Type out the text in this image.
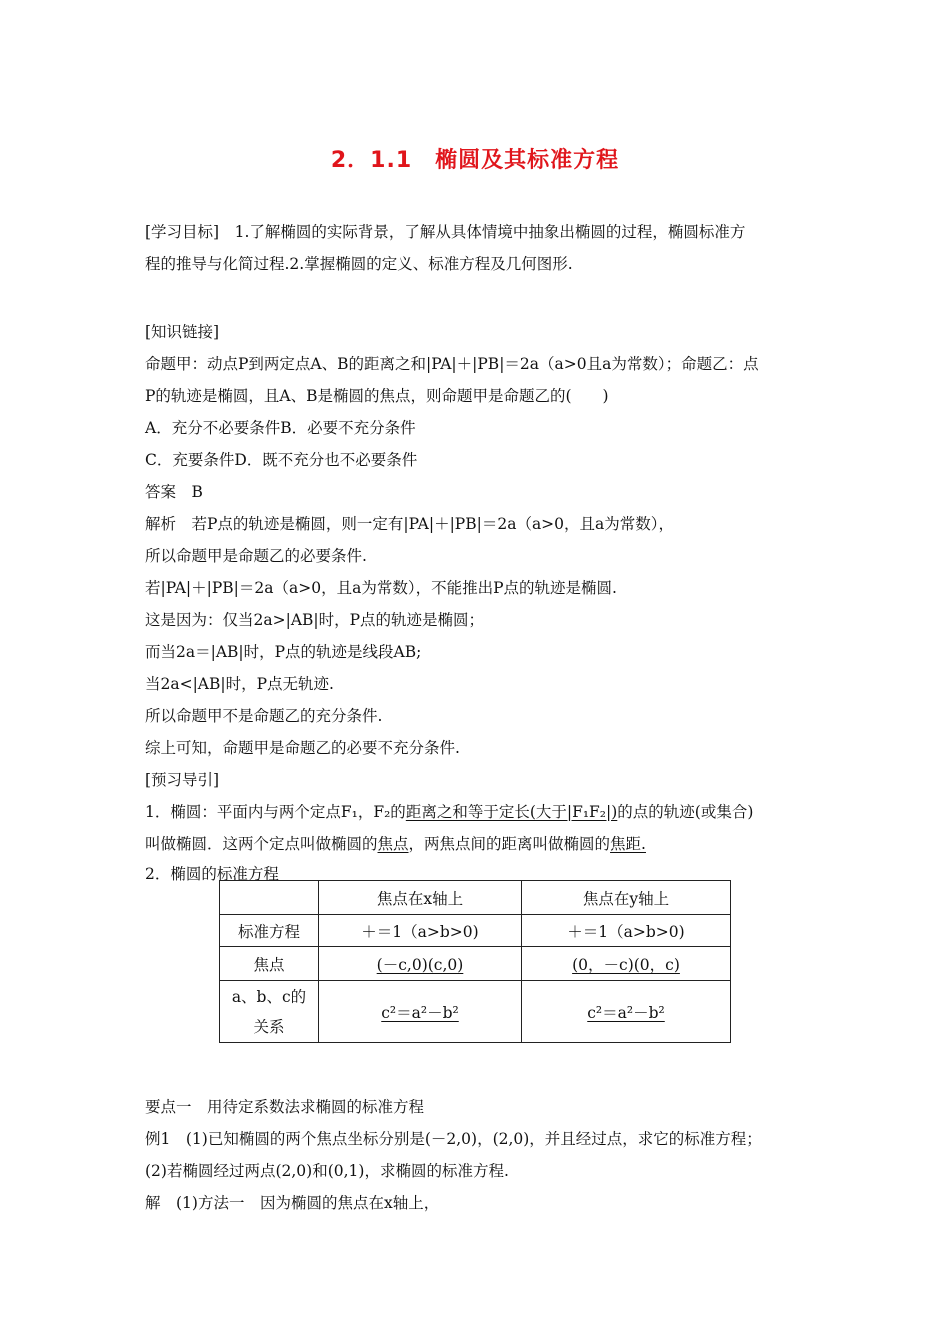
2．1.1　椭圆及其标准方程
[学习目标]　1.了解椭圆的实际背景，了解从具体情境中抽象出椭圆的过程，椭圆标准方
程的推导与化简过程.2.掌握椭圆的定义、标准方程及几何图形.
[知识链接]
命题甲：动点P到两定点A、B的距离之和|PA|＋|PB|＝2a（a>0且a为常数）；命题乙：点
P的轨迹是椭圆，且A、B是椭圆的焦点，则命题甲是命题乙的(　　)
A．充分不必要条件B．必要不充分条件
C．充要条件D．既不充分也不必要条件
答案　B
解析　若P点的轨迹是椭圆，则一定有|PA|＋|PB|＝2a（a>0，且a为常数），
所以命题甲是命题乙的必要条件.
若|PA|＋|PB|＝2a（a>0，且a为常数），不能推出P点的轨迹是椭圆.
这是因为：仅当2a>|AB|时，P点的轨迹是椭圆；
而当2a＝|AB|时，P点的轨迹是线段AB;
当2a<|AB|时，P点无轨迹.
所以命题甲不是命题乙的充分条件.
综上可知，命题甲是命题乙的必要不充分条件.
[预习导引]
1．椭圆：平面内与两个定点F₁，F₂的距离之和等于定长(大于|F₁F₂|)的点的轨迹(或集合)
叫做椭圆．这两个定点叫做椭圆的焦点，两焦点间的距离叫做椭圆的焦距.
2．椭圆的标准方程
	焦点在x轴上	焦点在y轴上
标准方程	＋＝1（a>b>0)	＋＝1（a>b>0)
焦点	(－c,0)(c,0)	(0，－c)(0，c)

a、b、c的
关系	c²＝a²－b²	c²＝a²－b²
要点一　用待定系数法求椭圆的标准方程
例1　(1)已知椭圆的两个焦点坐标分别是(－2,0)，(2,0)，并且经过点，求它的标准方程；
(2)若椭圆经过两点(2,0)和(0,1)，求椭圆的标准方程.
解　(1)方法一　因为椭圆的焦点在x轴上，
